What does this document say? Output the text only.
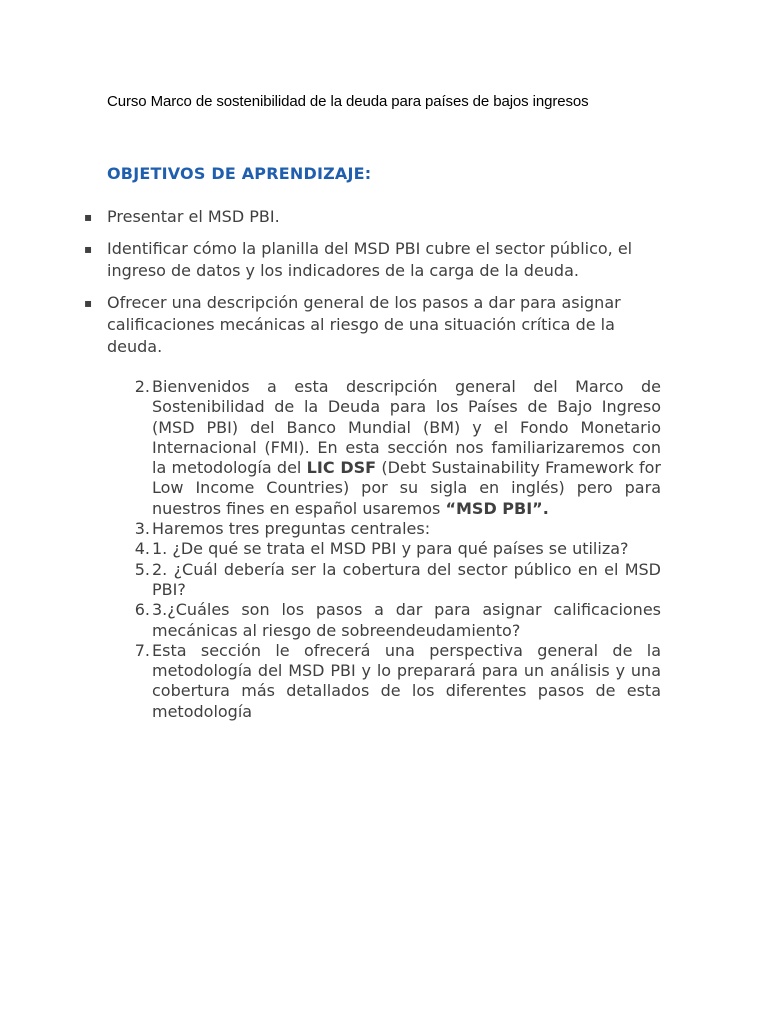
Curso Marco de sostenibilidad de la deuda para países de bajos ingresos
OBJETIVOS DE APRENDIZAJE:
▪ Presentar el MSD PBI.
▪ Identificar cómo la planilla del MSD PBI cubre el sector público, el ingreso de datos y los indicadores de la carga de la deuda.
▪ Ofrecer una descripción general de los pasos a dar para asignar calificaciones mecánicas al riesgo de una situación crítica de la deuda.
2. Bienvenidos a esta descripción general del Marco de Sostenibilidad de la Deuda para los Países de Bajo Ingreso (MSD PBI) del Banco Mundial (BM) y el Fondo Monetario Internacional (FMI). En esta sección nos familiarizaremos con la metodología del LIC DSF (Debt Sustainability Framework for Low Income Countries) por su sigla en inglés) pero para nuestros fines en español usaremos “MSD PBI”.
3. Haremos tres preguntas centrales:
4. 1. ¿De qué se trata el MSD PBI y para qué países se utiliza?
5. 2. ¿Cuál debería ser la cobertura del sector público en el MSD PBI?
6. 3.¿Cuáles son los pasos a dar para asignar calificaciones mecánicas al riesgo de sobreendeudamiento?
7. Esta sección le ofrecerá una perspectiva general de la metodología del MSD PBI y lo preparará para un análisis y una cobertura más detallados de los diferentes pasos de esta metodología
